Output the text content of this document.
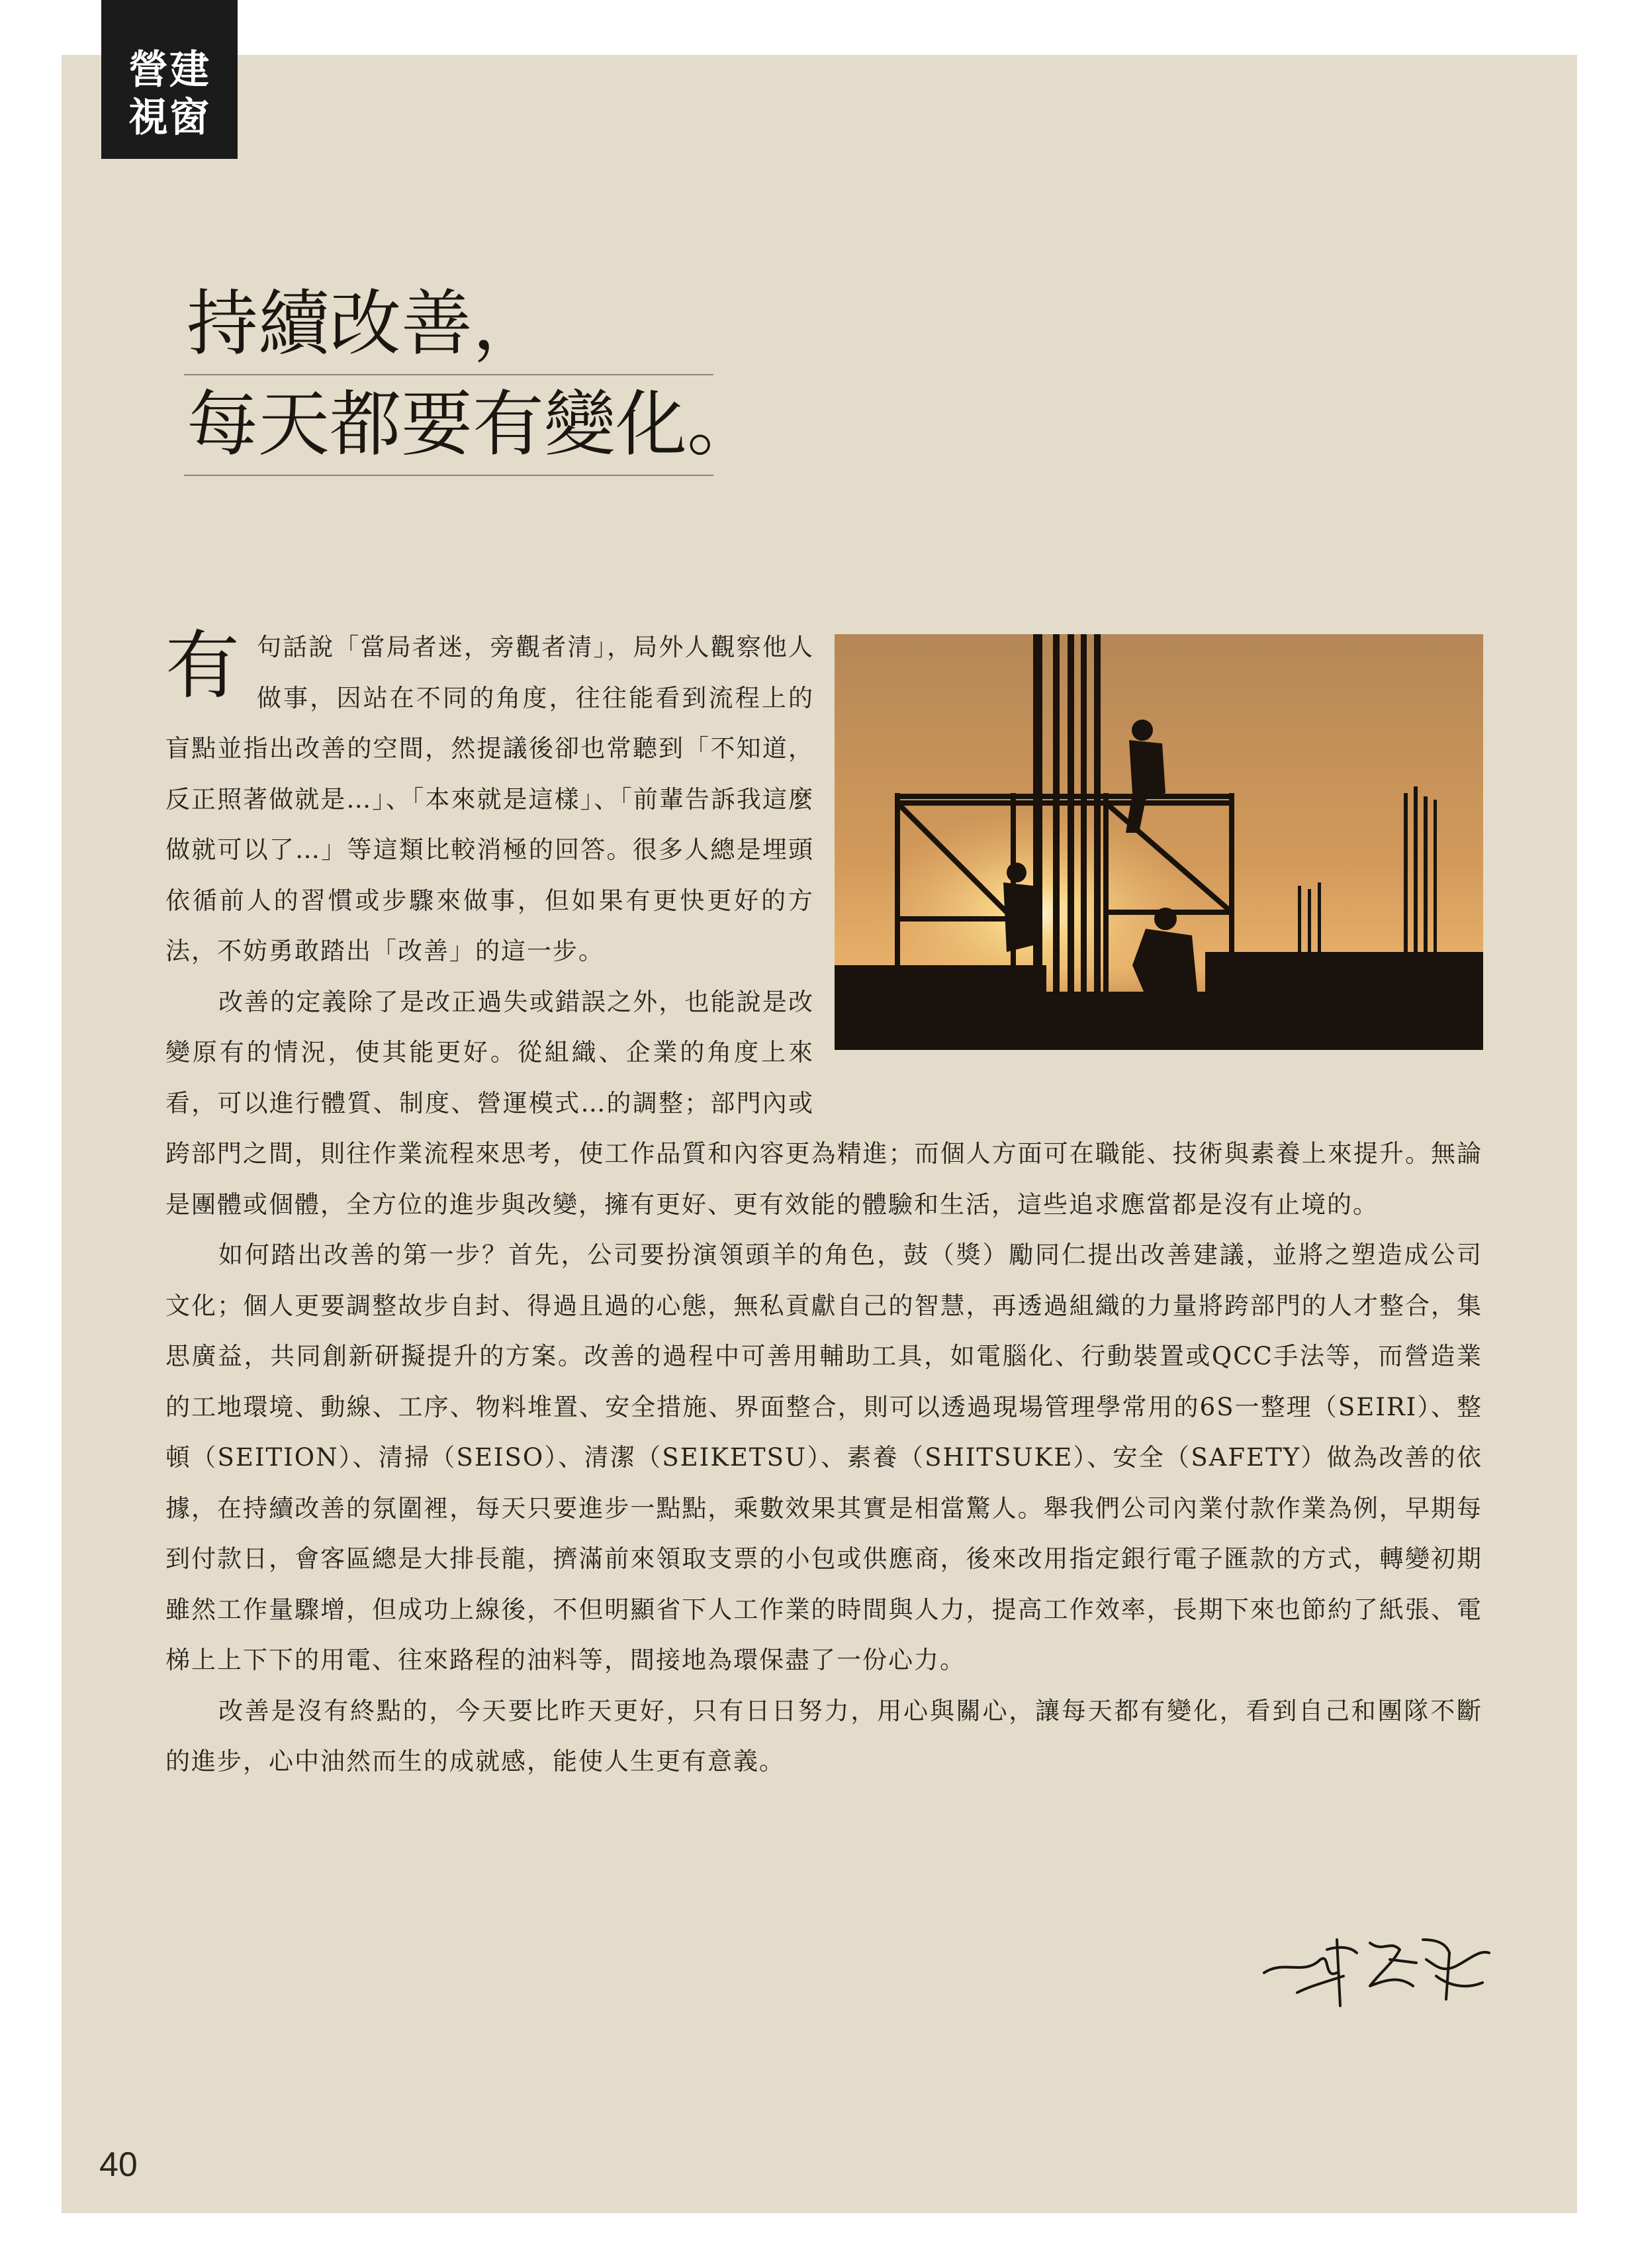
營建
視窗
持續改善，
每天都要有變化。

有句話說「當局者迷，旁觀者清」，局外人觀察他人做事，因站在不同的角度，往往能看到流程上的盲點並指出改善的空間，然提議後卻也常聽到「不知道，反正照著做就是…」、「本來就是這樣」、「前輩告訴我這麼做就可以了…」等這類比較消極的回答。很多人總是埋頭依循前人的習慣或步驟來做事，但如果有更快更好的方法，不妨勇敢踏出「改善」的這一步。

改善的定義除了是改正過失或錯誤之外，也能說是改變原有的情況，使其能更好。從組織、企業的角度上來看，可以進行體質、制度、營運模式…的調整；部門內或跨部門之間，則往作業流程來思考，使工作品質和內容更為精進；而個人方面可在職能、技術與素養上來提升。無論是團體或個體，全方位的進步與改變，擁有更好、更有效能的體驗和生活，這些追求應當都是沒有止境的。

如何踏出改善的第一步？首先，公司要扮演領頭羊的角色，鼓（獎）勵同仁提出改善建議，並將之塑造成公司文化；個人更要調整故步自封、得過且過的心態，無私貢獻自己的智慧，再透過組織的力量將跨部門的人才整合，集思廣益，共同創新研擬提升的方案。改善的過程中可善用輔助工具，如電腦化、行動裝置或QCC手法等，而營造業的工地環境、動線、工序、物料堆置、安全措施、界面整合，則可以透過現場管理學常用的6S一整理（SEIRI）、整頓（SEITION）、清掃（SEISO）、清潔（SEIKETSU）、素養（SHITSUKE）、安全（SAFETY）做為改善的依據，在持續改善的氛圍裡，每天只要進步一點點，乘數效果其實是相當驚人。舉我們公司內業付款作業為例，早期每到付款日，會客區總是大排長龍，擠滿前來領取支票的小包或供應商，後來改用指定銀行電子匯款的方式，轉變初期雖然工作量驟增，但成功上線後，不但明顯省下人工作業的時間與人力，提高工作效率，長期下來也節約了紙張、電梯上上下下的用電、往來路程的油料等，間接地為環保盡了一份心力。

改善是沒有終點的，今天要比昨天更好，只有日日努力，用心與關心，讓每天都有變化，看到自己和團隊不斷的進步，心中油然而生的成就感，能使人生更有意義。

40
